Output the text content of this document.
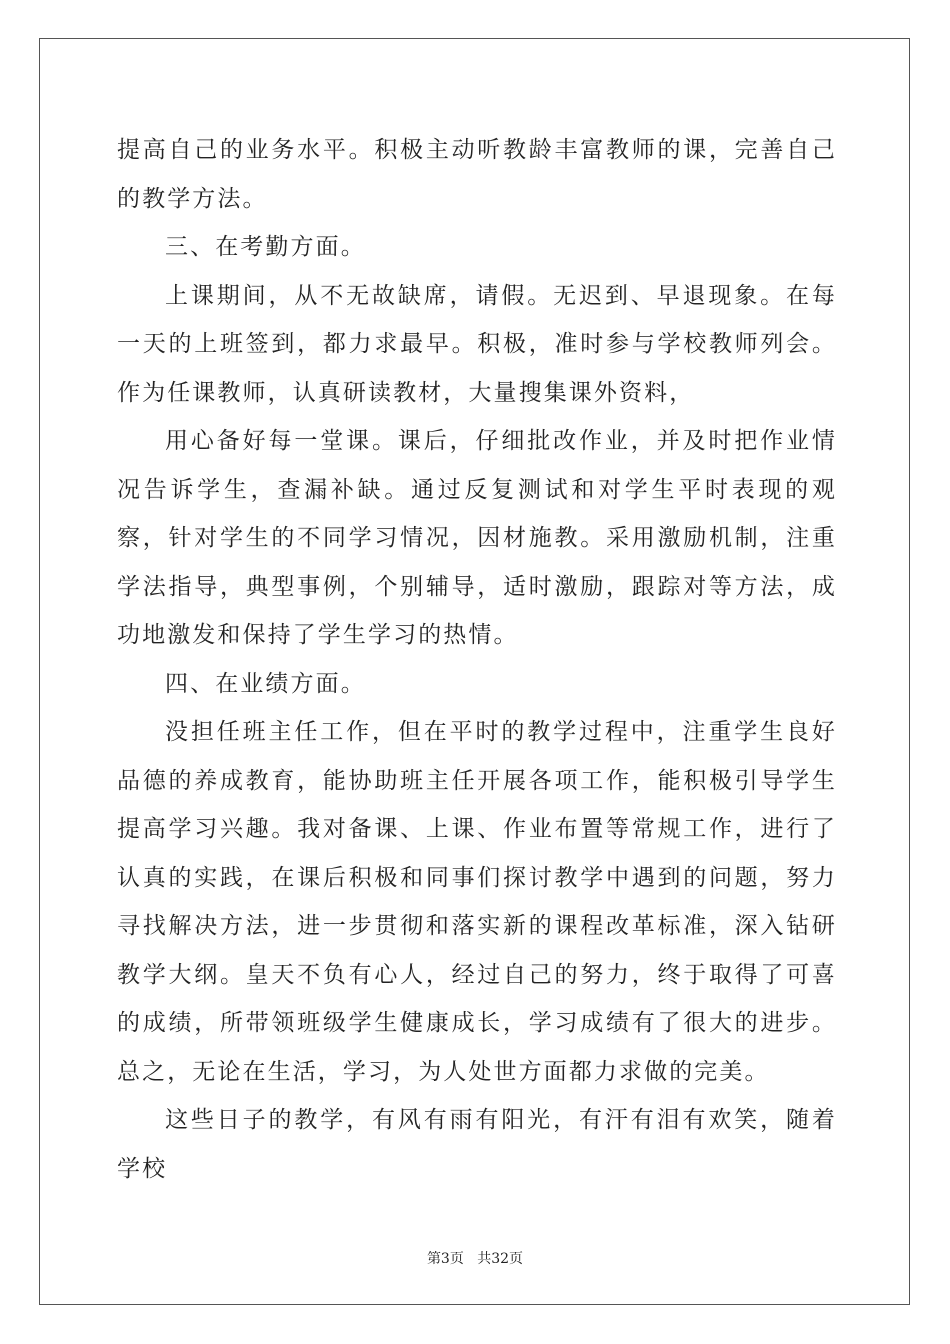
提高自己的业务水平。积极主动听教龄丰富教师的课，完善自己的教学方法。

三、在考勤方面。

上课期间，从不无故缺席，请假。无迟到、早退现象。在每一天的上班签到，都力求最早。积极，准时参与学校教师列会。作为任课教师，认真研读教材，大量搜集课外资料，

用心备好每一堂课。课后，仔细批改作业，并及时把作业情况告诉学生，查漏补缺。通过反复测试和对学生平时表现的观察，针对学生的不同学习情况，因材施教。采用激励机制，注重学法指导，典型事例，个别辅导，适时激励，跟踪对等方法，成功地激发和保持了学生学习的热情。

四、在业绩方面。

没担任班主任工作，但在平时的教学过程中，注重学生良好品德的养成教育，能协助班主任开展各项工作，能积极引导学生提高学习兴趣。我对备课、上课、作业布置等常规工作，进行了认真的实践，在课后积极和同事们探讨教学中遇到的问题，努力寻找解决方法，进一步贯彻和落实新的课程改革标准，深入钻研教学大纲。皇天不负有心人，经过自己的努力，终于取得了可喜的成绩，所带领班级学生健康成长，学习成绩有了很大的进步。总之，无论在生活，学习，为人处世方面都力求做的完美。

这些日子的教学，有风有雨有阳光，有汗有泪有欢笑，随着学校

第3页 共32页
